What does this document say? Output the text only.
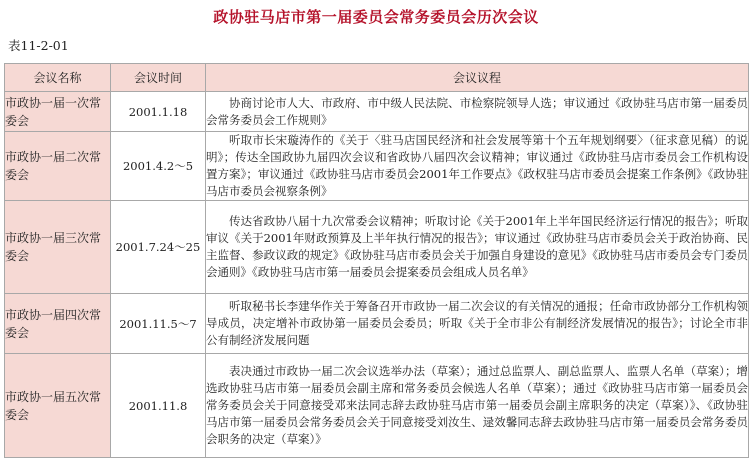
政协驻马店市第一届委员会常务委员会历次会议
表11-2-01
会议名称	会议时间	会议议程
市政协一届一次常委会	2001.1.18	协商讨论市人大、市政府、市中级人民法院、市检察院领导人选；审议通过《政协驻马店市第一届委员会常务委员会工作规则》
市政协一届二次常委会	2001.4.2～5	听取市长宋璇涛作的《关于〈驻马店国民经济和社会发展等第十个五年规划纲要〉（征求意见稿）的说明》；传达全国政协九届四次会议和省政协八届四次会议精神；审议通过《政协驻马店市委员会工作机构设置方案》；审议通过《政协驻马店市委员会2001年工作要点》《政权驻马店市委员会提案工作条例》《政协驻马店市委员会视察条例》
市政协一届三次常委会	2001.7.24～25	传达省政协八届十九次常委会议精神；听取讨论《关于2001年上半年国民经济运行情况的报告》；听取审议《关于2001年财政预算及上半年执行情况的报告》；审议通过《政协驻马店市委员会关于政治协商、民主监督、参政议政的规定》《政协驻马店市委员会关于加强自身建设的意见》《政协驻马店市委员会专门委员会通则》《政协驻马店市第一届委员会提案委员会组成人员名单》
市政协一届四次常委会	2001.11.5～7	听取秘书长李建华作关于筹备召开市政协一届二次会议的有关情况的通报；任命市政协部分工作机构领导成员，决定增补市政协第一届委员会委员；听取《关于全市非公有制经济发展情况的报告》；讨论全市非公有制经济发展问题
市政协一届五次常委会	2001.11.8	表决通过市政协一届二次会议选举办法（草案）；通过总监票人、副总监票人、监票人名单（草案）；增选政协驻马店市第一届委员会副主席和常务委员会候选人名单（草案）；通过《政协驻马店市第一届委员会常务委员会关于同意接受邓来法同志辞去政协驻马店市第一届委员会副主席职务的决定（草案）》、《政协驻马店市第一届委员会常务委员会关于同意接受刘汝生、逯效馨同志辞去政协驻马店市第一届委员会常务委员会职务的决定（草案）》
